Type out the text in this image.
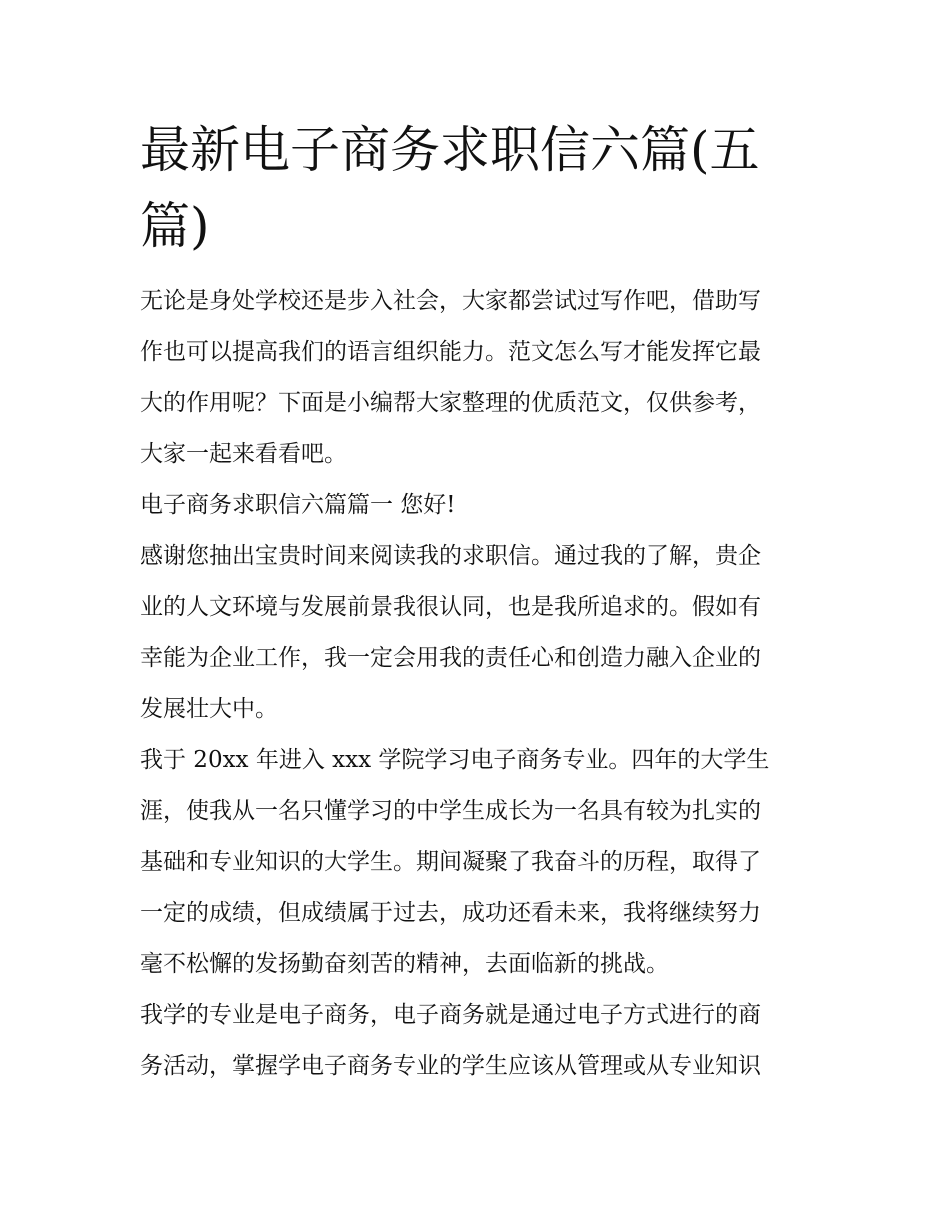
最新电子商务求职信六篇(五
篇)
无论是身处学校还是步入社会，大家都尝试过写作吧，借助写
作也可以提高我们的语言组织能力。范文怎么写才能发挥它最
大的作用呢？下面是小编帮大家整理的优质范文，仅供参考，
大家一起来看看吧。
电子商务求职信六篇篇一 您好!
感谢您抽出宝贵时间来阅读我的求职信。通过我的了解，贵企
业的人文环境与发展前景我很认同，也是我所追求的。假如有
幸能为企业工作，我一定会用我的责任心和创造力融入企业的
发展壮大中。
我于 20xx 年进入 xxx 学院学习电子商务专业。四年的大学生
涯，使我从一名只懂学习的中学生成长为一名具有较为扎实的
基础和专业知识的大学生。期间凝聚了我奋斗的历程，取得了
一定的成绩，但成绩属于过去，成功还看未来，我将继续努力
毫不松懈的发扬勤奋刻苦的精神，去面临新的挑战。
我学的专业是电子商务，电子商务就是通过电子方式进行的商
务活动，掌握学电子商务专业的学生应该从管理或从专业知识
